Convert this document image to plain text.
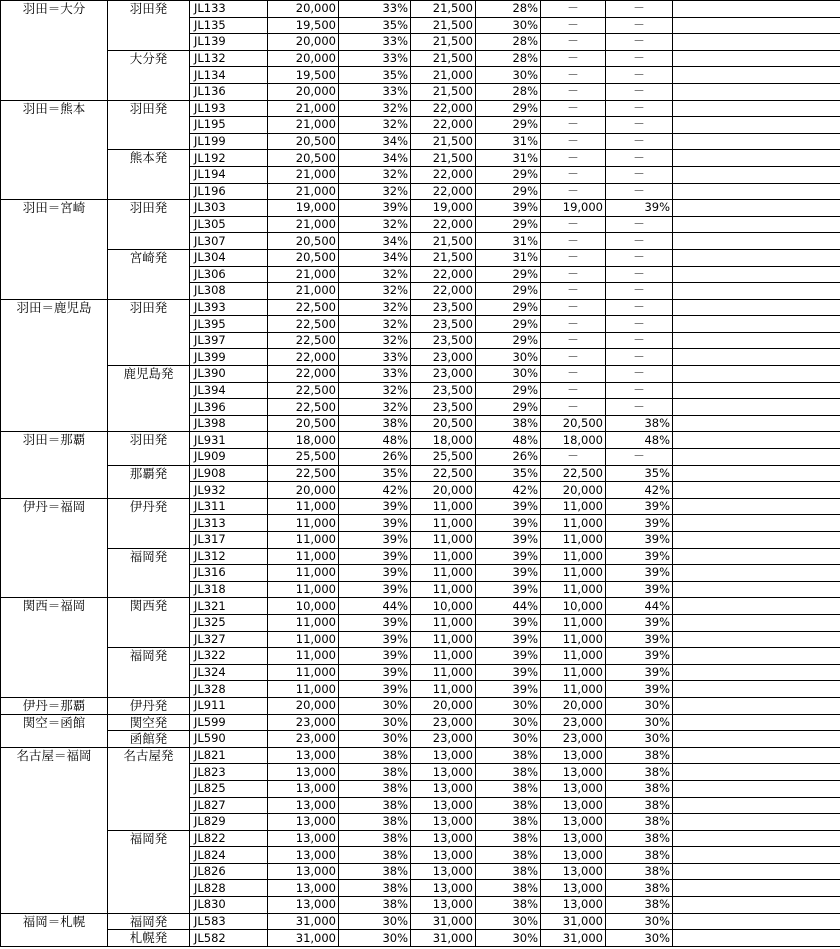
羽田＝大分	羽田発	JL133	20,000	33%	21,500	28%	－	－	
		JL135	19,500	35%	21,500	30%	－	－	
		JL139	20,000	33%	21,500	28%	－	－	
	大分発	JL132	20,000	33%	21,500	28%	－	－	
		JL134	19,500	35%	21,000	30%	－	－	
		JL136	20,000	33%	21,500	28%	－	－	
羽田＝熊本	羽田発	JL193	21,000	32%	22,000	29%	－	－	
		JL195	21,000	32%	22,000	29%	－	－	
		JL199	20,500	34%	21,500	31%	－	－	
	熊本発	JL192	20,500	34%	21,500	31%	－	－	
		JL194	21,000	32%	22,000	29%	－	－	
		JL196	21,000	32%	22,000	29%	－	－	
羽田＝宮崎	羽田発	JL303	19,000	39%	19,000	39%	19,000	39%	
		JL305	21,000	32%	22,000	29%	－	－	
		JL307	20,500	34%	21,500	31%	－	－	
	宮崎発	JL304	20,500	34%	21,500	31%	－	－	
		JL306	21,000	32%	22,000	29%	－	－	
		JL308	21,000	32%	22,000	29%	－	－	
羽田＝鹿児島	羽田発	JL393	22,500	32%	23,500	29%	－	－	
		JL395	22,500	32%	23,500	29%	－	－	
		JL397	22,500	32%	23,500	29%	－	－	
		JL399	22,000	33%	23,000	30%	－	－	
	鹿児島発	JL390	22,000	33%	23,000	30%	－	－	
		JL394	22,500	32%	23,500	29%	－	－	
		JL396	22,500	32%	23,500	29%	－	－	
		JL398	20,500	38%	20,500	38%	20,500	38%	
羽田＝那覇	羽田発	JL931	18,000	48%	18,000	48%	18,000	48%	
		JL909	25,500	26%	25,500	26%	－	－	
	那覇発	JL908	22,500	35%	22,500	35%	22,500	35%	
		JL932	20,000	42%	20,000	42%	20,000	42%	
伊丹＝福岡	伊丹発	JL311	11,000	39%	11,000	39%	11,000	39%	
		JL313	11,000	39%	11,000	39%	11,000	39%	
		JL317	11,000	39%	11,000	39%	11,000	39%	
	福岡発	JL312	11,000	39%	11,000	39%	11,000	39%	
		JL316	11,000	39%	11,000	39%	11,000	39%	
		JL318	11,000	39%	11,000	39%	11,000	39%	
関西＝福岡	関西発	JL321	10,000	44%	10,000	44%	10,000	44%	
		JL325	11,000	39%	11,000	39%	11,000	39%	
		JL327	11,000	39%	11,000	39%	11,000	39%	
	福岡発	JL322	11,000	39%	11,000	39%	11,000	39%	
		JL324	11,000	39%	11,000	39%	11,000	39%	
		JL328	11,000	39%	11,000	39%	11,000	39%	
伊丹＝那覇	伊丹発	JL911	20,000	30%	20,000	30%	20,000	30%	
関空＝函館	関空発	JL599	23,000	30%	23,000	30%	23,000	30%	
	函館発	JL590	23,000	30%	23,000	30%	23,000	30%	
名古屋＝福岡	名古屋発	JL821	13,000	38%	13,000	38%	13,000	38%	
		JL823	13,000	38%	13,000	38%	13,000	38%	
		JL825	13,000	38%	13,000	38%	13,000	38%	
		JL827	13,000	38%	13,000	38%	13,000	38%	
		JL829	13,000	38%	13,000	38%	13,000	38%	
	福岡発	JL822	13,000	38%	13,000	38%	13,000	38%	
		JL824	13,000	38%	13,000	38%	13,000	38%	
		JL826	13,000	38%	13,000	38%	13,000	38%	
		JL828	13,000	38%	13,000	38%	13,000	38%	
		JL830	13,000	38%	13,000	38%	13,000	38%	
福岡＝札幌	福岡発	JL583	31,000	30%	31,000	30%	31,000	30%	
	札幌発	JL582	31,000	30%	31,000	30%	31,000	30%	
